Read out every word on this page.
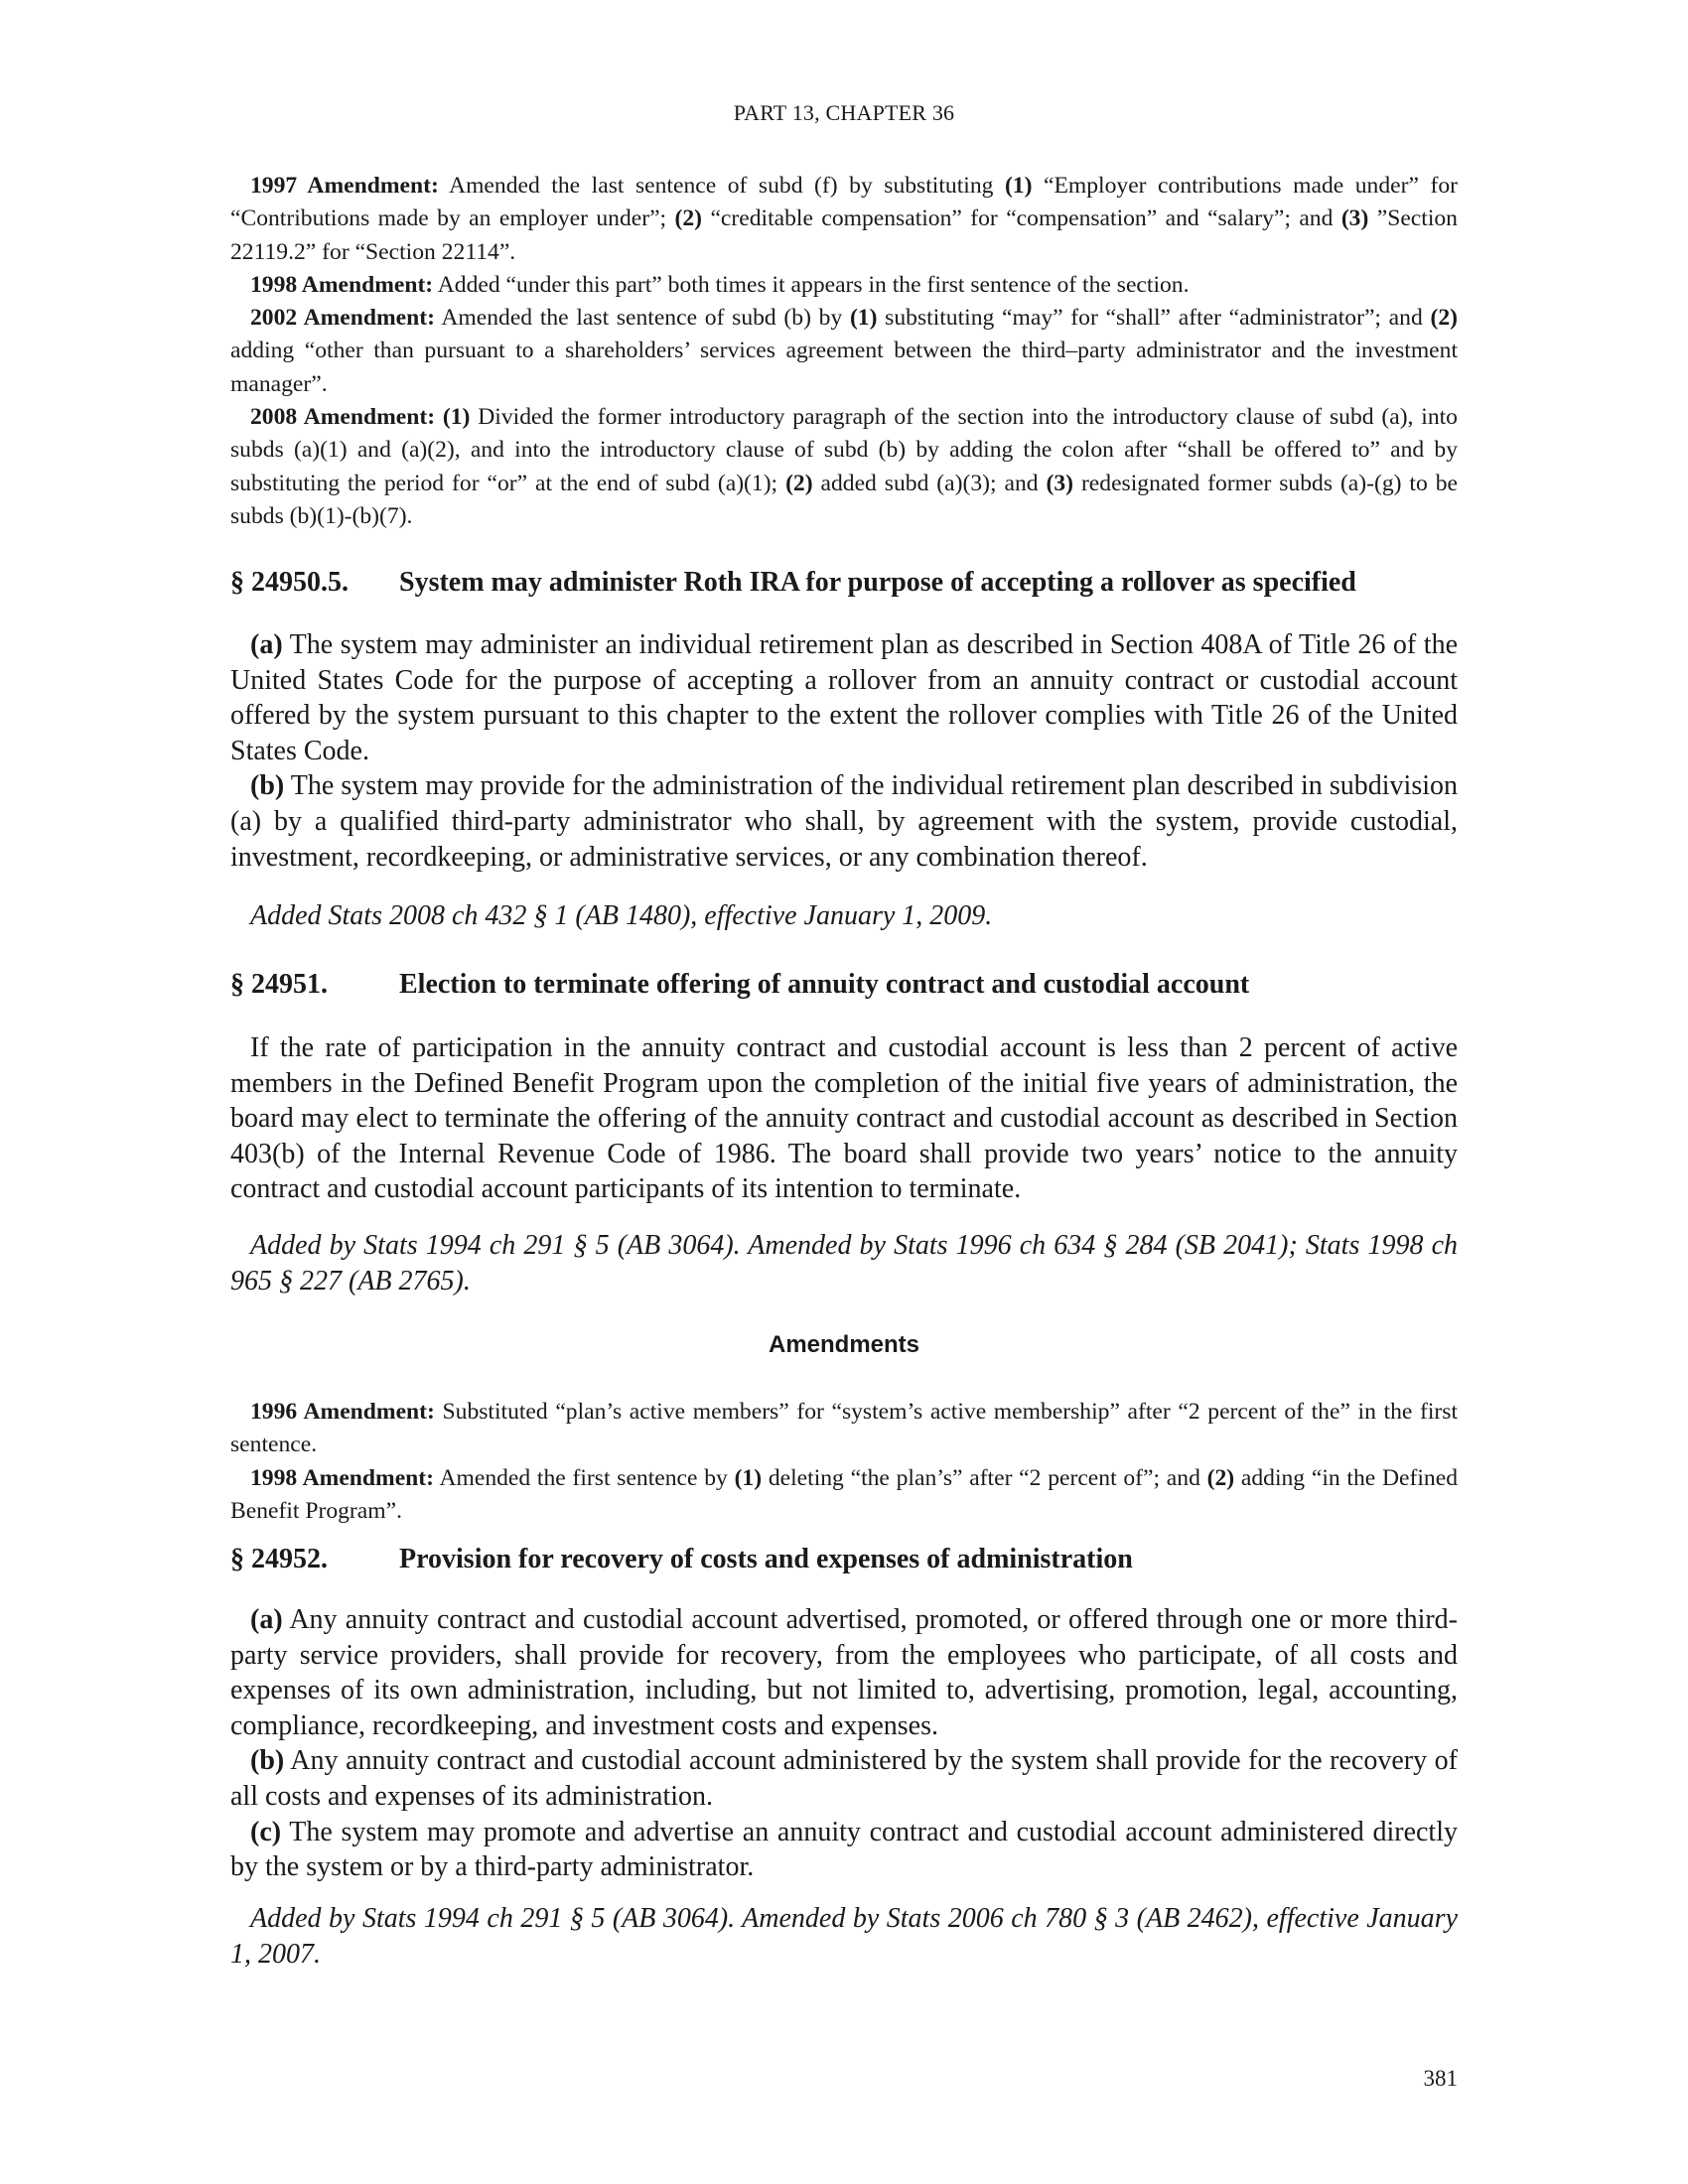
PART 13, CHAPTER 36

1997 Amendment: Amended the last sentence of subd (f) by substituting (1) “Employer contributions made under” for “Contributions made by an employer under”; (2) “creditable compensation” for “compensation” and “salary”; and (3) ”Section 22119.2” for “Section 22114”.

1998 Amendment: Added “under this part” both times it appears in the first sentence of the section.

2002 Amendment: Amended the last sentence of subd (b) by (1) substituting “may” for “shall” after “administrator”; and (2) adding “other than pursuant to a shareholders’ services agreement between the third–party administrator and the investment manager”.

2008 Amendment: (1) Divided the former introductory paragraph of the section into the introductory clause of subd (a), into subds (a)(1) and (a)(2), and into the introductory clause of subd (b) by adding the colon after “shall be offered to” and by substituting the period for “or” at the end of subd (a)(1); (2) added subd (a)(3); and (3) redesignated former subds (a)-(g) to be subds (b)(1)-(b)(7).

§ 24950.5. System may administer Roth IRA for purpose of accepting a rollover as specified

(a) The system may administer an individual retirement plan as described in Section 408A of Title 26 of the United States Code for the purpose of accepting a rollover from an annuity contract or custodial account offered by the system pursuant to this chapter to the extent the rollover complies with Title 26 of the United States Code.

(b) The system may provide for the administration of the individual retirement plan described in subdivision (a) by a qualified third-party administrator who shall, by agreement with the system, provide custodial, investment, recordkeeping, or administrative services, or any combination thereof.

Added Stats 2008 ch 432 § 1 (AB 1480), effective January 1, 2009.

§ 24951.	Election to terminate offering of annuity contract and custodial account

If the rate of participation in the annuity contract and custodial account is less than 2 percent of active members in the Defined Benefit Program upon the completion of the initial five years of administration, the board may elect to terminate the offering of the annuity contract and custodial account as described in Section 403(b) of the Internal Revenue Code of 1986. The board shall provide two years’ notice to the annuity contract and custodial account participants of its intention to terminate.

Added by Stats 1994 ch 291 § 5 (AB 3064). Amended by Stats 1996 ch 634 § 284 (SB 2041); Stats 1998 ch 965 § 227 (AB 2765).

Amendments

1996 Amendment: Substituted “plan’s active members” for “system’s active membership” after “2 percent of the” in the first sentence.

1998 Amendment: Amended the first sentence by (1) deleting “the plan’s” after “2 percent of”; and (2) adding “in the Defined Benefit Program”.

§ 24952.	Provision for recovery of costs and expenses of administration

(a) Any annuity contract and custodial account advertised, promoted, or offered through one or more third-party service providers, shall provide for recovery, from the employees who participate, of all costs and expenses of its own administration, including, but not limited to, advertising, promotion, legal, accounting, compliance, recordkeeping, and investment costs and expenses.

(b) Any annuity contract and custodial account administered by the system shall provide for the recovery of all costs and expenses of its administration.

(c) The system may promote and advertise an annuity contract and custodial account administered directly by the system or by a third-party administrator.

Added by Stats 1994 ch 291 § 5 (AB 3064). Amended by Stats 2006 ch 780 § 3 (AB 2462), effective January 1, 2007.

381
